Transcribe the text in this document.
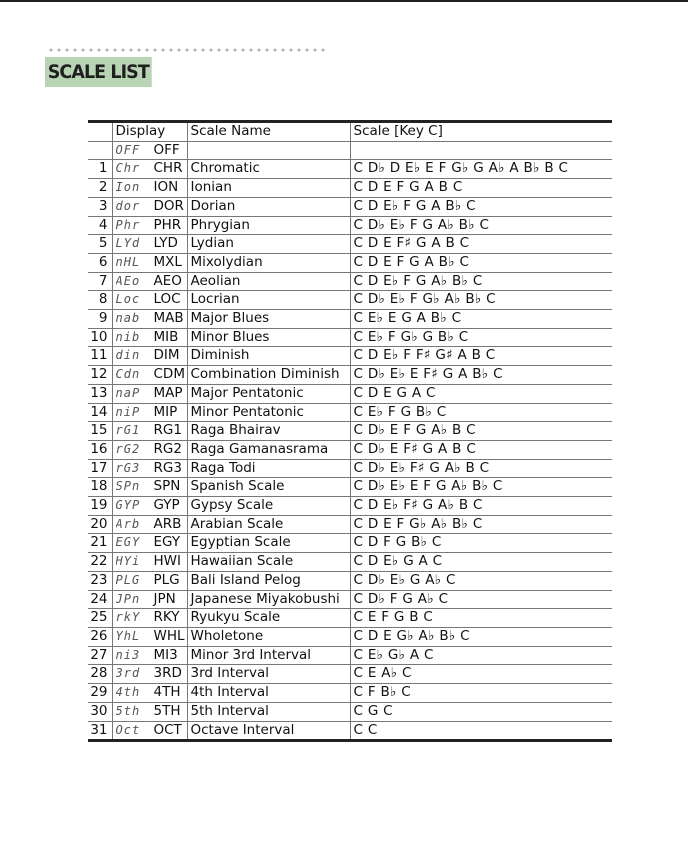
SCALE LIST
	Display	Scale Name	Scale [Key C]
	OFF OFF		
1	Chr CHR	Chromatic	C D♭ D E♭ E F G♭ G A♭ A B♭ B C
2	Ion ION	Ionian	C D E F G A B C
3	dor DOR	Dorian	C D E♭ F G A B♭ C
4	Phr PHR	Phrygian	C D♭ E♭ F G A♭ B♭ C
5	LYd LYD	Lydian	C D E F♯ G A B C
6	nHL MXL	Mixolydian	C D E F G A B♭ C
7	AEo AEO	Aeolian	C D E♭ F G A♭ B♭ C
8	Loc LOC	Locrian	C D♭ E♭ F G♭ A♭ B♭ C
9	nab MAB	Major Blues	C E♭ E G A B♭ C
10	nib MIB	Minor Blues	C E♭ F G♭ G B♭ C
11	din DIM	Diminish	C D E♭ F F♯ G♯ A B C
12	Cdn CDM	Combination Diminish	C D♭ E♭ E F♯ G A B♭ C
13	naP MAP	Major Pentatonic	C D E G A C
14	niP MIP	Minor Pentatonic	C E♭ F G B♭ C
15	rG1 RG1	Raga Bhairav	C D♭ E F G A♭ B C
16	rG2 RG2	Raga Gamanasrama	C D♭ E F♯ G A B C
17	rG3 RG3	Raga Todi	C D♭ E♭ F♯ G A♭ B C
18	SPn SPN	Spanish Scale	C D♭ E♭ E F G A♭ B♭ C
19	GYP GYP	Gypsy Scale	C D E♭ F♯ G A♭ B C
20	Arb ARB	Arabian Scale	C D E F G♭ A♭ B♭ C
21	EGY EGY	Egyptian Scale	C D F G B♭ C
22	HYi HWI	Hawaiian Scale	C D E♭ G A C
23	PLG PLG	Bali Island Pelog	C D♭ E♭ G A♭ C
24	JPn JPN	Japanese Miyakobushi	C D♭ F G A♭ C
25	rkY RKY	Ryukyu Scale	C E F G B C
26	YhL WHL	Wholetone	C D E G♭ A♭ B♭ C
27	ni3 MI3	Minor 3rd Interval	C E♭ G♭ A C
28	3rd 3RD	3rd Interval	C E A♭ C
29	4th 4TH	4th Interval	C F B♭ C
30	5th 5TH	5th Interval	C G C
31	Oct OCT	Octave Interval	C C
